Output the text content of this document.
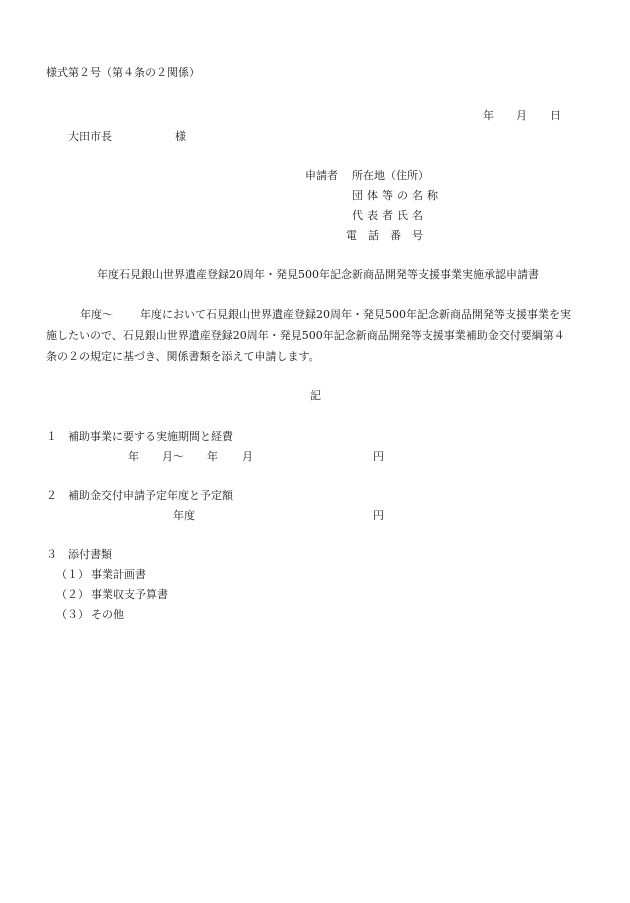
様式第２号（第４条の２関係）
年 月 日
大田市長	様
申請者 所在地（住所）
団体等の名称
代表者氏名
電　話　番　号
年度石見銀山世界遺産登録20周年・発見500年記念新商品開発等支援事業実施承認申請書
年度～ 年度において石見銀山世界遺産登録20周年・発見500年記念新商品開発等支援事業を実
施したいので、石見銀山世界遺産登録20周年・発見500年記念新商品開発等支援事業補助金交付要綱第４
条の２の規定に基づき、関係書類を添えて申請します。
記
１ 補助事業に要する実施期間と経費
年 月～ 年 月	円
２ 補助金交付申請予定年度と予定額
年度	円
３ 添付書類
（１） 事業計画書
（２） 事業収支予算書
（３） その他
